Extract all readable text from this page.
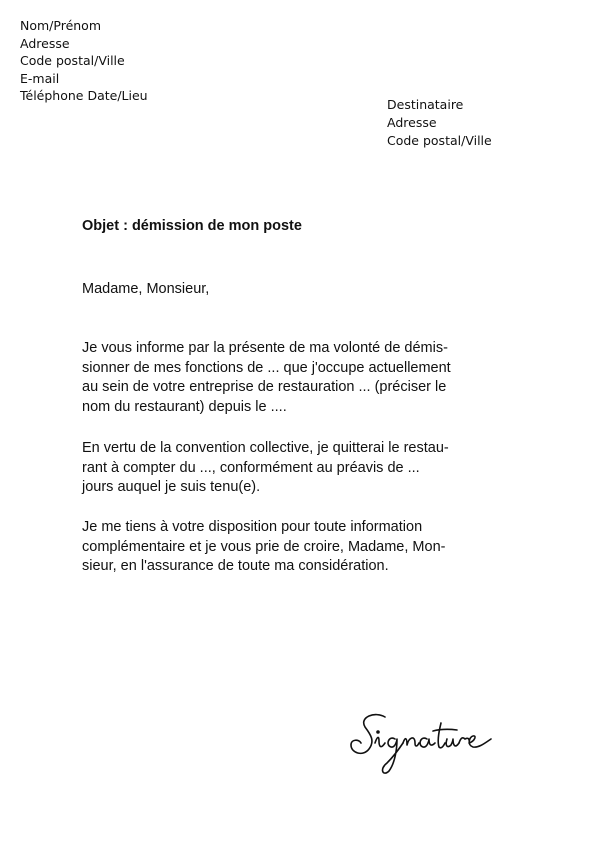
Nom/Prénom
Adresse
Code postal/Ville
E-mail
Téléphone Date/Lieu
Destinataire
Adresse
Code postal/Ville
Objet : démission de mon poste
Madame, Monsieur,
Je vous informe par la présente de ma volonté de démis-
sionner de mes fonctions de ... que j'occupe actuellement
au sein de votre entreprise de restauration ... (préciser le
nom du restaurant) depuis le ....
En vertu de la convention collective, je quitterai le restau-
rant à compter du ..., conformément au préavis de ...
jours auquel je suis tenu(e).
Je me tiens à votre disposition pour toute information
complémentaire et je vous prie de croire, Madame, Mon-
sieur, en l'assurance de toute ma considération.
